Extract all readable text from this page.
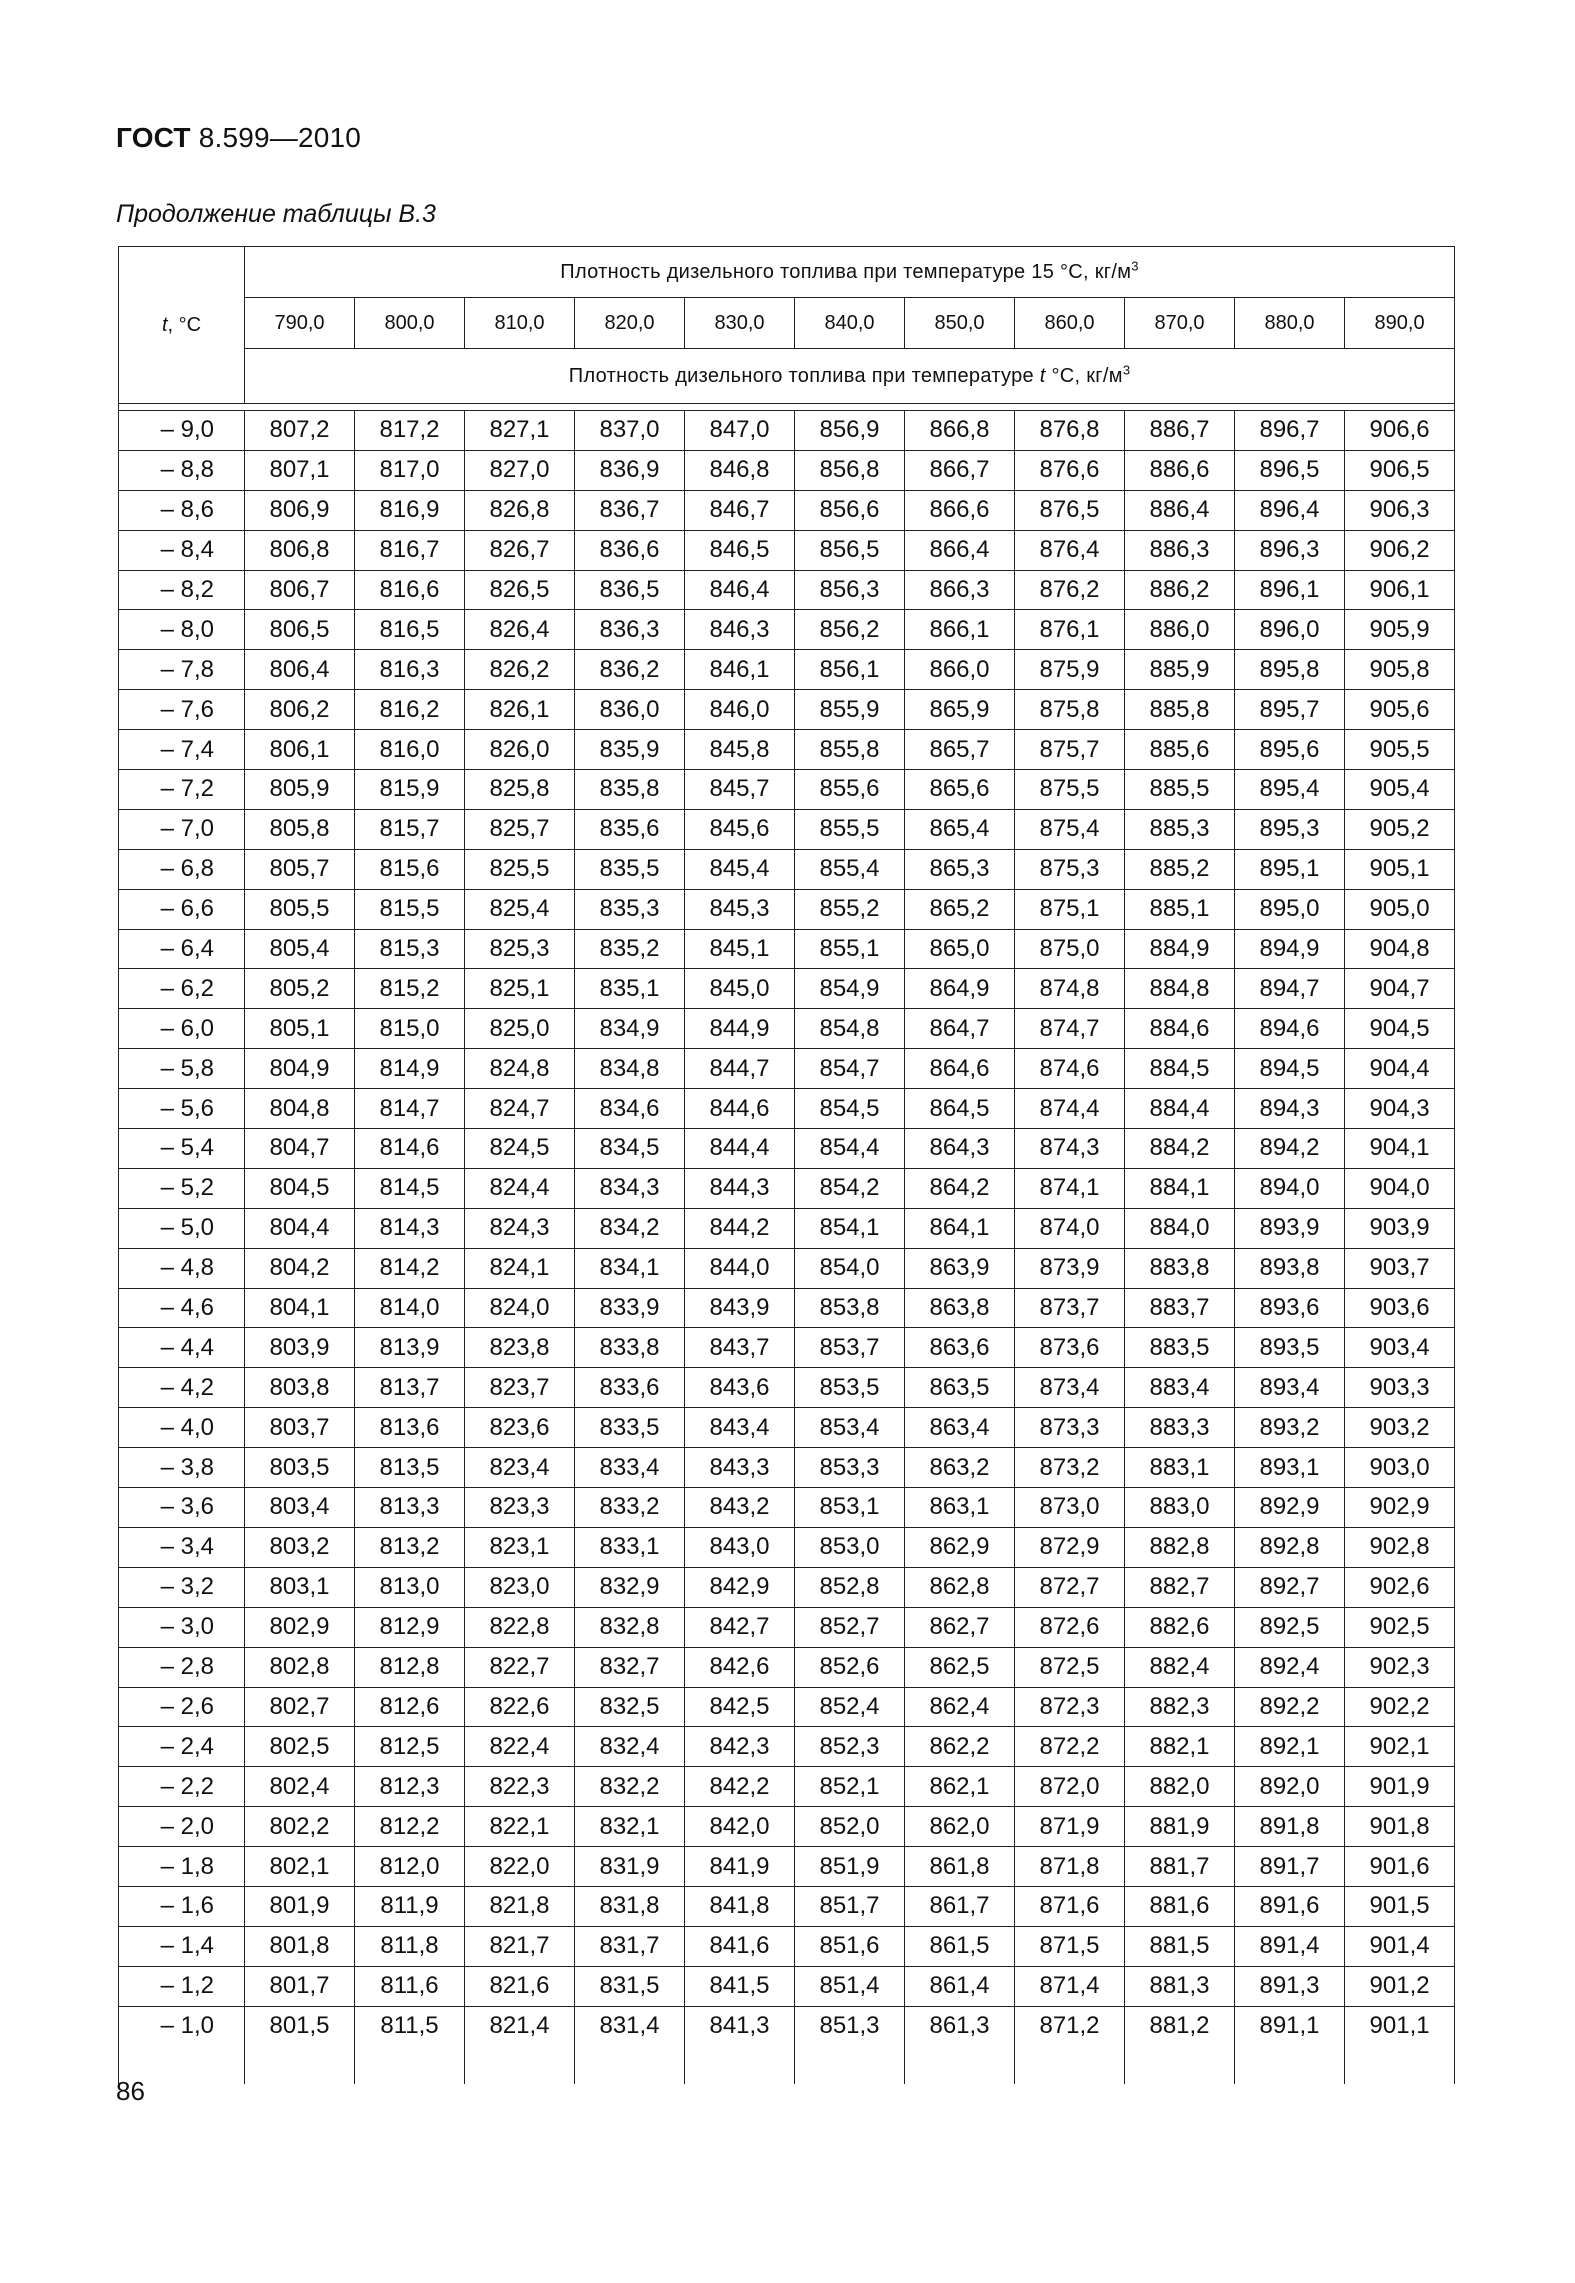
ГОСТ 8.599—2010
Продолжение таблицы В.3
t, °C	Плотность дизельного топлива при температуре 15 °C, $кг/м^3$
	790,0	800,0	810,0	820,0	830,0	840,0	850,0	860,0	870,0	880,0	890,0
	Плотность дизельного топлива при температуре t °C, $кг/м^3$

– 9,0	807,2	817,2	827,1	837,0	847,0	856,9	866,8	876,8	886,7	896,7	906,6
– 8,8	807,1	817,0	827,0	836,9	846,8	856,8	866,7	876,6	886,6	896,5	906,5
– 8,6	806,9	816,9	826,8	836,7	846,7	856,6	866,6	876,5	886,4	896,4	906,3
– 8,4	806,8	816,7	826,7	836,6	846,5	856,5	866,4	876,4	886,3	896,3	906,2
– 8,2	806,7	816,6	826,5	836,5	846,4	856,3	866,3	876,2	886,2	896,1	906,1
– 8,0	806,5	816,5	826,4	836,3	846,3	856,2	866,1	876,1	886,0	896,0	905,9
– 7,8	806,4	816,3	826,2	836,2	846,1	856,1	866,0	875,9	885,9	895,8	905,8
– 7,6	806,2	816,2	826,1	836,0	846,0	855,9	865,9	875,8	885,8	895,7	905,6
– 7,4	806,1	816,0	826,0	835,9	845,8	855,8	865,7	875,7	885,6	895,6	905,5
– 7,2	805,9	815,9	825,8	835,8	845,7	855,6	865,6	875,5	885,5	895,4	905,4
– 7,0	805,8	815,7	825,7	835,6	845,6	855,5	865,4	875,4	885,3	895,3	905,2
– 6,8	805,7	815,6	825,5	835,5	845,4	855,4	865,3	875,3	885,2	895,1	905,1
– 6,6	805,5	815,5	825,4	835,3	845,3	855,2	865,2	875,1	885,1	895,0	905,0
– 6,4	805,4	815,3	825,3	835,2	845,1	855,1	865,0	875,0	884,9	894,9	904,8
– 6,2	805,2	815,2	825,1	835,1	845,0	854,9	864,9	874,8	884,8	894,7	904,7
– 6,0	805,1	815,0	825,0	834,9	844,9	854,8	864,7	874,7	884,6	894,6	904,5
– 5,8	804,9	814,9	824,8	834,8	844,7	854,7	864,6	874,6	884,5	894,5	904,4
– 5,6	804,8	814,7	824,7	834,6	844,6	854,5	864,5	874,4	884,4	894,3	904,3
– 5,4	804,7	814,6	824,5	834,5	844,4	854,4	864,3	874,3	884,2	894,2	904,1
– 5,2	804,5	814,5	824,4	834,3	844,3	854,2	864,2	874,1	884,1	894,0	904,0
– 5,0	804,4	814,3	824,3	834,2	844,2	854,1	864,1	874,0	884,0	893,9	903,9
– 4,8	804,2	814,2	824,1	834,1	844,0	854,0	863,9	873,9	883,8	893,8	903,7
– 4,6	804,1	814,0	824,0	833,9	843,9	853,8	863,8	873,7	883,7	893,6	903,6
– 4,4	803,9	813,9	823,8	833,8	843,7	853,7	863,6	873,6	883,5	893,5	903,4
– 4,2	803,8	813,7	823,7	833,6	843,6	853,5	863,5	873,4	883,4	893,4	903,3
– 4,0	803,7	813,6	823,6	833,5	843,4	853,4	863,4	873,3	883,3	893,2	903,2
– 3,8	803,5	813,5	823,4	833,4	843,3	853,3	863,2	873,2	883,1	893,1	903,0
– 3,6	803,4	813,3	823,3	833,2	843,2	853,1	863,1	873,0	883,0	892,9	902,9
– 3,4	803,2	813,2	823,1	833,1	843,0	853,0	862,9	872,9	882,8	892,8	902,8
– 3,2	803,1	813,0	823,0	832,9	842,9	852,8	862,8	872,7	882,7	892,7	902,6
– 3,0	802,9	812,9	822,8	832,8	842,7	852,7	862,7	872,6	882,6	892,5	902,5
– 2,8	802,8	812,8	822,7	832,7	842,6	852,6	862,5	872,5	882,4	892,4	902,3
– 2,6	802,7	812,6	822,6	832,5	842,5	852,4	862,4	872,3	882,3	892,2	902,2
– 2,4	802,5	812,5	822,4	832,4	842,3	852,3	862,2	872,2	882,1	892,1	902,1
– 2,2	802,4	812,3	822,3	832,2	842,2	852,1	862,1	872,0	882,0	892,0	901,9
– 2,0	802,2	812,2	822,1	832,1	842,0	852,0	862,0	871,9	881,9	891,8	901,8
– 1,8	802,1	812,0	822,0	831,9	841,9	851,9	861,8	871,8	881,7	891,7	901,6
– 1,6	801,9	811,9	821,8	831,8	841,8	851,7	861,7	871,6	881,6	891,6	901,5
– 1,4	801,8	811,8	821,7	831,7	841,6	851,6	861,5	871,5	881,5	891,4	901,4
– 1,2	801,7	811,6	821,6	831,5	841,5	851,4	861,4	871,4	881,3	891,3	901,2
– 1,0	801,5	811,5	821,4	831,4	841,3	851,3	861,3	871,2	881,2	891,1	901,1

86
